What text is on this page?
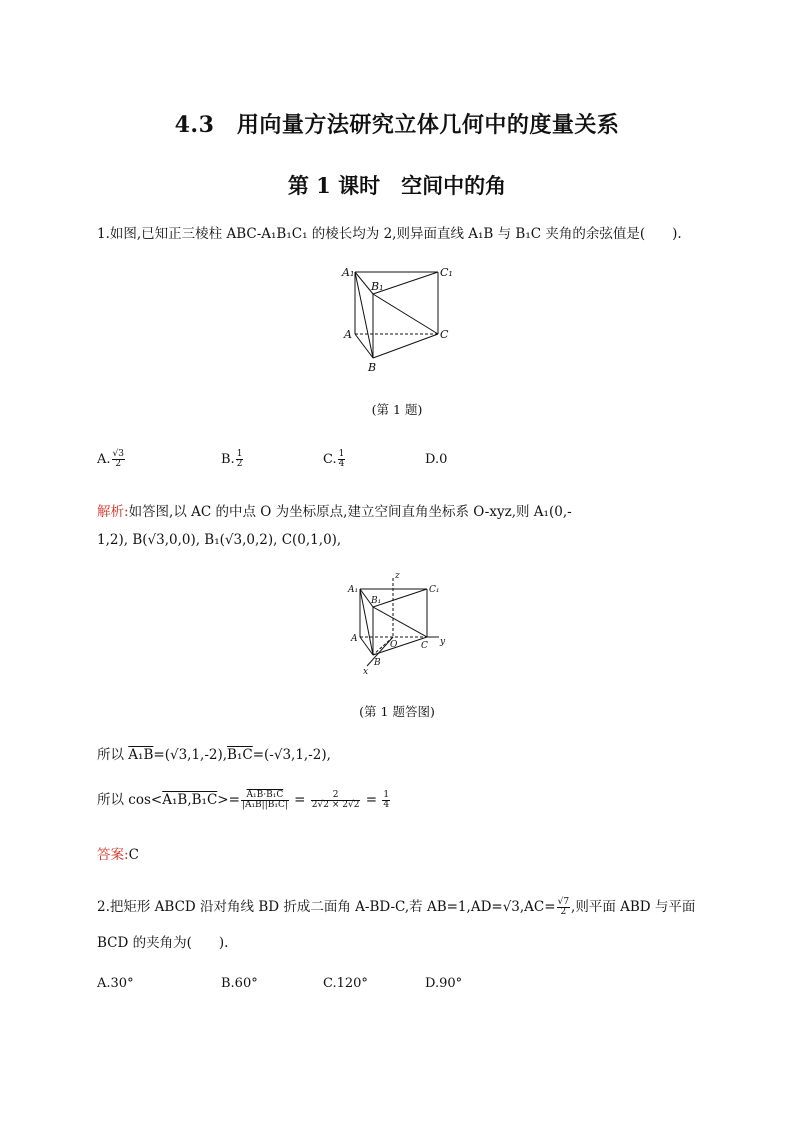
4.3　用向量方法研究立体几何中的度量关系
第 1 课时　空间中的角
1.如图,已知正三棱柱 ABC-A₁B₁C₁ 的棱长均为 2,则异面直线 A₁B 与 B₁C 夹角的余弦值是(　　).
A₁
B₁
C₁
A	C
B
(第 1 题)
A. $\frac{√3}{2}$	B. $\frac{1}{2}$	C. $\frac{1}{4}$	D.0
解析:如答图,以 AC 的中点 O 为坐标原点,建立空间直角坐标系 O-xyz,则 A₁(0,-
1,2), B(√3,0,0), B₁(√3,0,2), C(0,1,0),
A₁
B₁
C₁
A
C
B
O
x
y
z
(第 1 题答图)
所以 A₁B=(√3,1,-2),B₁C=(-√3,1,-2),
所以 $\cos<A_1B,B_1C>= \frac{\text{A₁B·B₁C}}{\text{|A₁B||B₁C|}} = \frac{2}{2√2 \times 2√2} = \frac{1}{4}$
答案:C
2.把矩形 ABCD 沿对角线 BD 折成二面角 A-BD-C,若 $AB=1,AD=√3,AC= \frac{√7}{2}$ ,则平面 ABD 与平面
BCD 的夹角为(　　).
A.30°	B.60°	C.120°	D.90°
